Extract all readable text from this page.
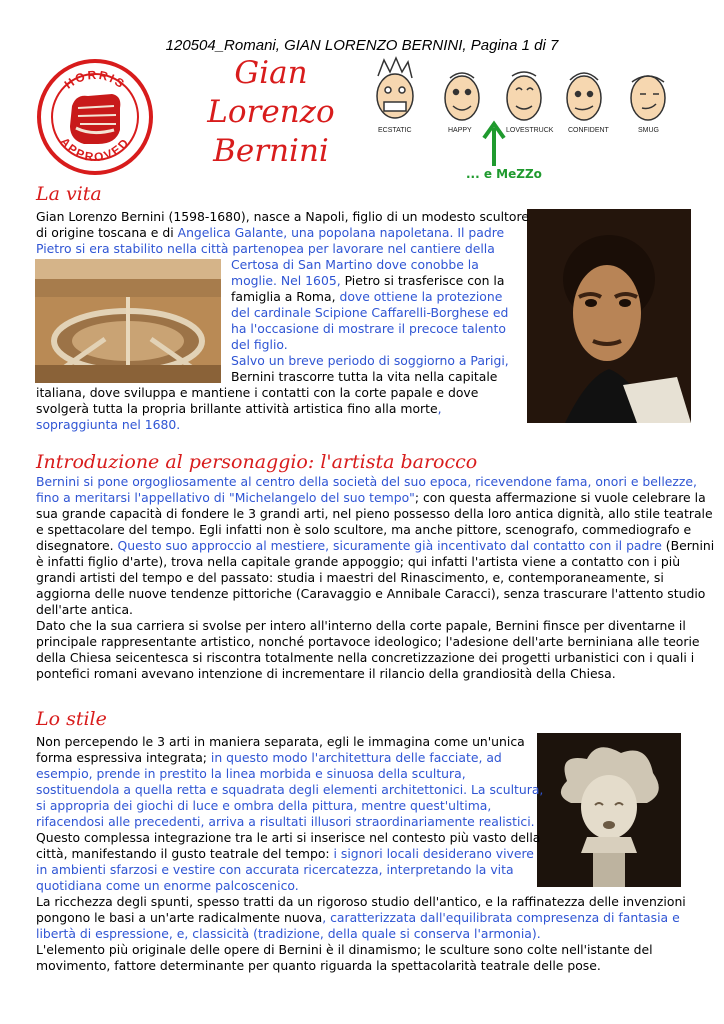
120504_Romani, GIAN LORENZO BERNINI, Pagina 1 di 7
HORRIS
APPROVED
Gian
Lorenzo
Bernini
ECSTATIC	HAPPY	LOVESTRUCK CONFIDENT	SMUG
... e MeZZo
La vita

Gian Lorenzo Bernini (1598-1680), nasce a Napoli, figlio di un modesto scultore

di origine toscana e di Angelica Galante, una popolana napoletana. Il padre

Pietro si era stabilito nella città partenopea per lavorare nel cantiere della

Certosa di San Martino dove conobbe la

moglie. Nel 1605, Pietro si trasferisce con la

famiglia a Roma, dove ottiene la protezione

del cardinale Scipione Caffarelli-Borghese ed

ha l'occasione di mostrare il precoce talento

del figlio.

Salvo un breve periodo di soggiorno a Parigi,

Bernini trascorre tutta la vita nella capitale

italiana, dove sviluppa e mantiene i contatti con la corte papale e dove

svolgerà tutta la propria brillante attività artistica fino alla morte,

sopraggiunta nel 1680.

Introduzione al personaggio: l'artista barocco

Bernini si pone orgogliosamente al centro della società del suo epoca, ricevendone fama, onori e bellezze,

fino a meritarsi l'appellativo di "Michelangelo del suo tempo"; con questa affermazione si vuole celebrare la

sua grande capacità di fondere le 3 grandi arti, nel pieno possesso della loro antica dignità, allo stile teatrale

e spettacolare del tempo. Egli infatti non è solo scultore, ma anche pittore, scenografo, commediografo e

disegnatore. Questo suo approccio al mestiere, sicuramente già incentivato dal contatto con il padre (Bernini

è infatti figlio d'arte), trova nella capitale grande appoggio; qui infatti l'artista viene a contatto con i più

grandi artisti del tempo e del passato: studia i maestri del Rinascimento, e, contemporaneamente, si

aggiorna delle nuove tendenze pittoriche (Caravaggio e Annibale Caracci), senza trascurare l'attento studio

dell'arte antica.

Dato che la sua carriera si svolse per intero all'interno della corte papale, Bernini finsce per diventarne il

principale rappresentante artistico, nonché portavoce ideologico; l'adesione dell'arte berniniana alle teorie

della Chiesa seicentesca si riscontra totalmente nella concretizzazione dei progetti urbanistici con i quali i

pontefici romani avevano intenzione di incrementare il rilancio della grandiosità della Chiesa.

Lo stile

Non percependo le 3 arti in maniera separata, egli le immagina come un'unica

forma espressiva integrata; in questo modo l'architettura delle facciate, ad

esempio, prende in prestito la linea morbida e sinuosa della scultura,

sostituendola a quella retta e squadrata degli elementi architettonici. La scultura,

si appropria dei giochi di luce e ombra della pittura, mentre quest'ultima,

rifacendosi alle precedenti, arriva a risultati illusori straordinariamente realistici.

Questo complessa integrazione tra le arti si inserisce nel contesto più vasto della

città, manifestando il gusto teatrale del tempo: i signori locali desiderano vivere

in ambienti sfarzosi e vestire con accurata ricercatezza, interpretando la vita

quotidiana come un enorme palcoscenico.

La ricchezza degli spunti, spesso tratti da un rigoroso studio dell'antico, e la raffinatezza delle invenzioni

pongono le basi a un'arte radicalmente nuova, caratterizzata dall'equilibrata compresenza di fantasia e

libertà di espressione, e, classicità (tradizione, della quale si conserva l'armonia).

L'elemento più originale delle opere di Bernini è il dinamismo; le sculture sono colte nell'istante del

movimento, fattore determinante per quanto riguarda la spettacolarità teatrale delle pose.
